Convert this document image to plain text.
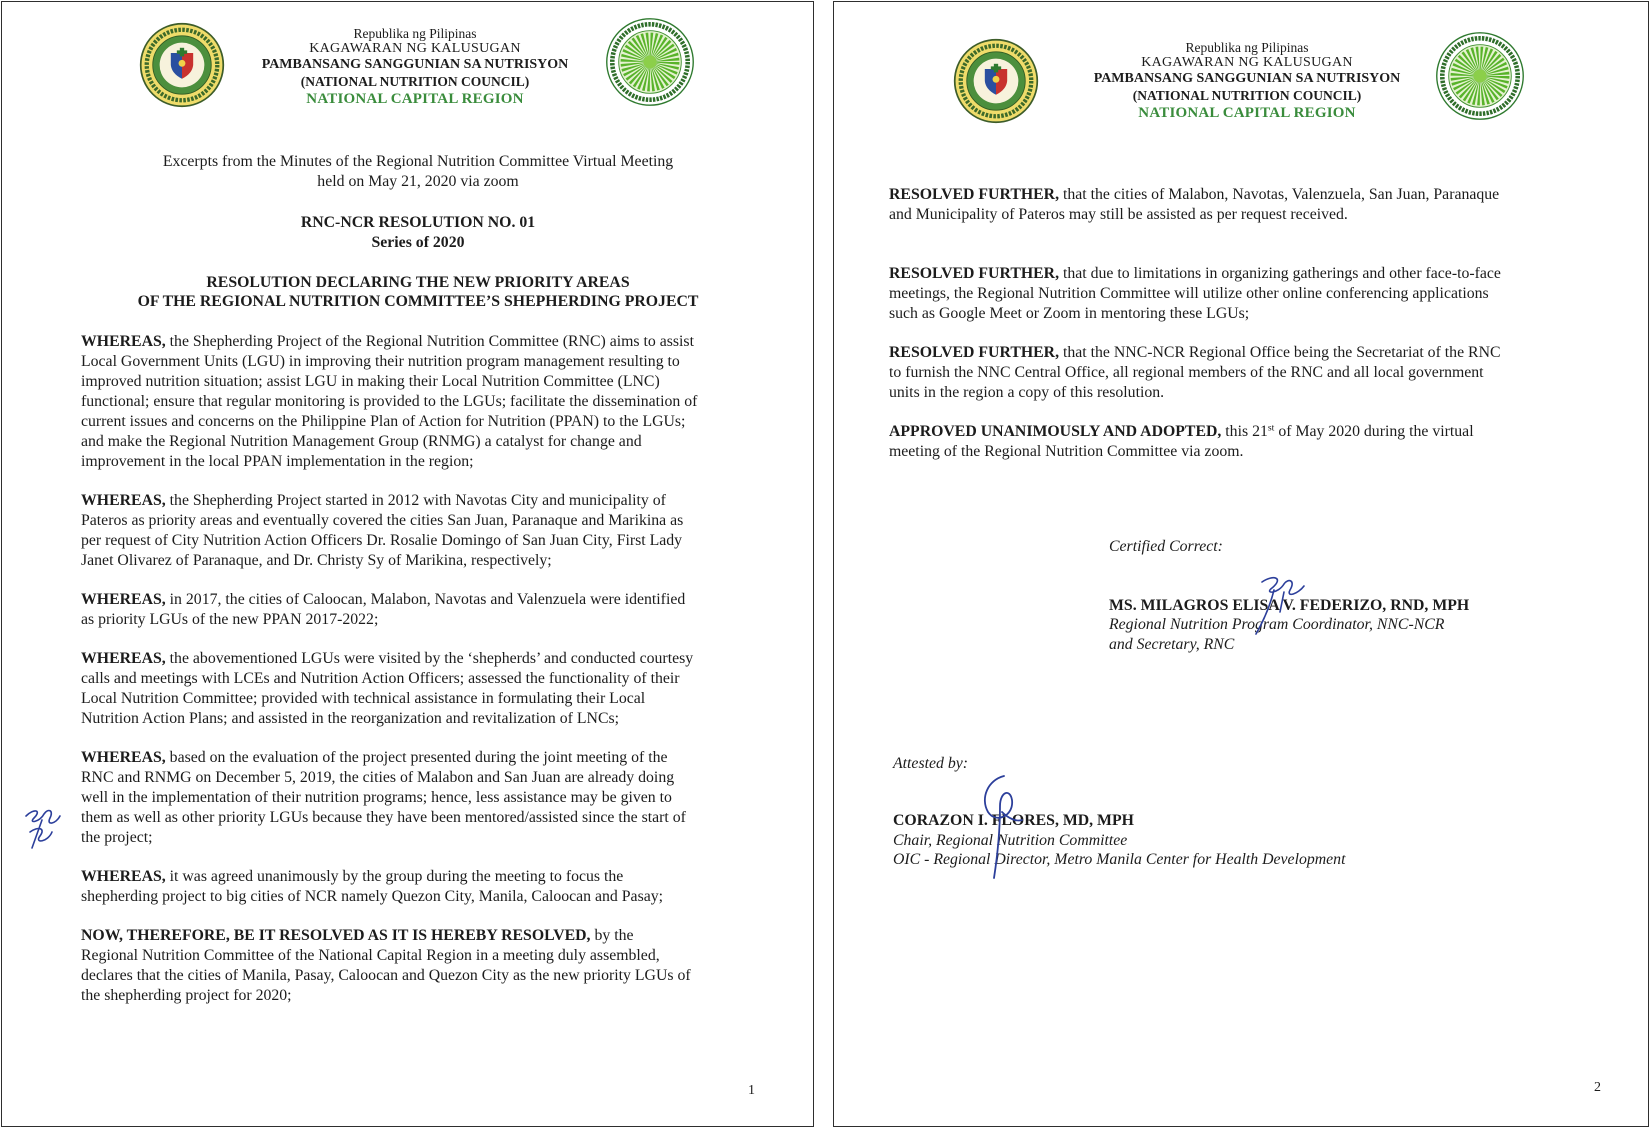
Republika ng Pilipinas
KAGAWARAN NG KALUSUGAN
PAMBANSANG SANGGUNIAN SA NUTRISYON
(NATIONAL NUTRITION COUNCIL)
NATIONAL CAPITAL REGION
Excerpts from the Minutes of the Regional Nutrition Committee Virtual Meeting
held on May 21, 2020 via zoom
RNC-NCR RESOLUTION NO. 01
Series of 2020
RESOLUTION DECLARING THE NEW PRIORITY AREAS
OF THE REGIONAL NUTRITION COMMITTEE’S SHEPHERDING PROJECT
WHEREAS, the Shepherding Project of the Regional Nutrition Committee (RNC) aims to assist
Local Government Units (LGU) in improving their nutrition program management resulting to
improved nutrition situation; assist LGU in making their Local Nutrition Committee (LNC)
functional; ensure that regular monitoring is provided to the LGUs; facilitate the dissemination of
current issues and concerns on the Philippine Plan of Action for Nutrition (PPAN) to the LGUs;
and make the Regional Nutrition Management Group (RNMG) a catalyst for change and
improvement in the local PPAN implementation in the region;
WHEREAS, the Shepherding Project started in 2012 with Navotas City and municipality of
Pateros as priority areas and eventually covered the cities San Juan, Paranaque and Marikina as
per request of City Nutrition Action Officers Dr. Rosalie Domingo of San Juan City, First Lady
Janet Olivarez of Paranaque, and Dr. Christy Sy of Marikina, respectively;
WHEREAS, in 2017, the cities of Caloocan, Malabon, Navotas and Valenzuela were identified
as priority LGUs of the new PPAN 2017-2022;
WHEREAS, the abovementioned LGUs were visited by the ‘shepherds’ and conducted courtesy
calls and meetings with LCEs and Nutrition Action Officers; assessed the functionality of their
Local Nutrition Committee; provided with technical assistance in formulating their Local
Nutrition Action Plans; and assisted in the reorganization and revitalization of LNCs;
WHEREAS, based on the evaluation of the project presented during the joint meeting of the
RNC and RNMG on December 5, 2019, the cities of Malabon and San Juan are already doing
well in the implementation of their nutrition programs; hence, less assistance may be given to
them as well as other priority LGUs because they have been mentored/assisted since the start of
the project;
WHEREAS, it was agreed unanimously by the group during the meeting to focus the
shepherding project to big cities of NCR namely Quezon City, Manila, Caloocan and Pasay;
NOW, THEREFORE, BE IT RESOLVED AS IT IS HEREBY RESOLVED, by the
Regional Nutrition Committee of the National Capital Region in a meeting duly assembled,
declares that the cities of Manila, Pasay, Caloocan and Quezon City as the new priority LGUs of
the shepherding project for 2020;
1
Republika ng Pilipinas
KAGAWARAN NG KALUSUGAN
PAMBANSANG SANGGUNIAN SA NUTRISYON
(NATIONAL NUTRITION COUNCIL)
NATIONAL CAPITAL REGION
RESOLVED FURTHER, that the cities of Malabon, Navotas, Valenzuela, San Juan, Paranaque
and Municipality of Pateros may still be assisted as per request received.
RESOLVED FURTHER, that due to limitations in organizing gatherings and other face-to-face
meetings, the Regional Nutrition Committee will utilize other online conferencing applications
such as Google Meet or Zoom in mentoring these LGUs;
RESOLVED FURTHER, that the NNC-NCR Regional Office being the Secretariat of the RNC
to furnish the NNC Central Office, all regional members of the RNC and all local government
units in the region a copy of this resolution.
APPROVED UNANIMOUSLY AND ADOPTED, this 21st of May 2020 during the virtual
meeting of the Regional Nutrition Committee via zoom.
Certified Correct:
MS. MILAGROS ELISA V. FEDERIZO, RND, MPH
Regional Nutrition Program Coordinator, NNC-NCR
and Secretary, RNC
Attested by:
CORAZON I. FLORES, MD, MPH
Chair, Regional Nutrition Committee
OIC - Regional Director, Metro Manila Center for Health Development
2
